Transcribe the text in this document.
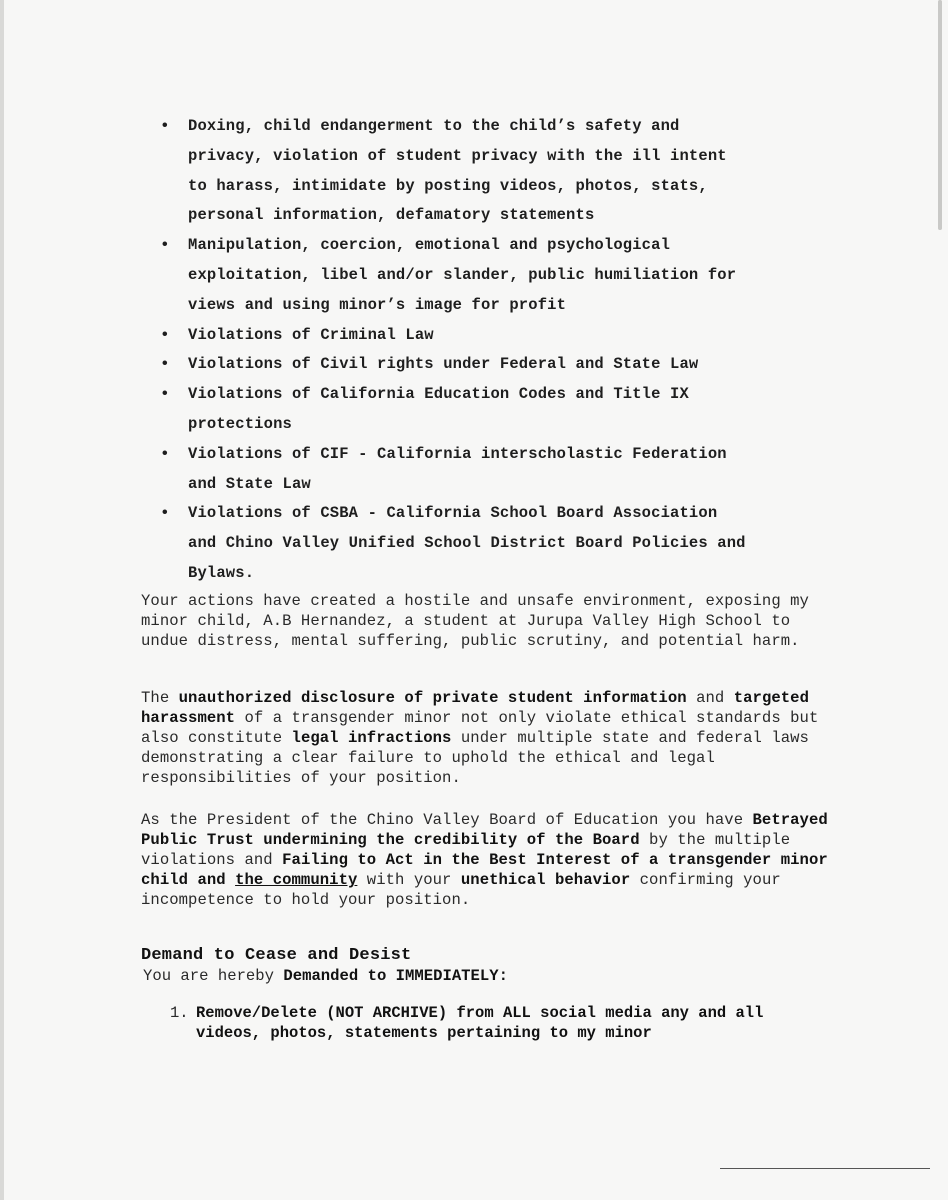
• Doxing, child endangerment to the child’s safety and
privacy, violation of student privacy with the ill intent
to harass, intimidate by posting videos, photos, stats,
personal information, defamatory statements
• Manipulation, coercion, emotional and psychological
exploitation, libel and/or slander, public humiliation for
views and using minor’s image for profit
• Violations of Criminal Law
• Violations of Civil rights under Federal and State Law
• Violations of California Education Codes and Title IX
protections
• Violations of CIF - California interscholastic Federation
and State Law
• Violations of CSBA - California School Board Association
and Chino Valley Unified School District Board Policies and
Bylaws.

Your actions have created a hostile and unsafe environment, exposing my minor child, A.B Hernandez, a student at Jurupa Valley High School to undue distress, mental suffering, public scrutiny, and potential harm.

The unauthorized disclosure of private student information and targeted harassment of a transgender minor not only violate ethical standards but also constitute legal infractions under multiple state and federal laws demonstrating a clear failure to uphold the ethical and legal responsibilities of your position.

As the President of the Chino Valley Board of Education you have Betrayed Public Trust undermining the credibility of the Board by the multiple violations and Failing to Act in the Best Interest of a transgender minor child and the community with your unethical behavior confirming your incompetence to hold your position.

Demand to Cease and Desist

You are hereby Demanded to IMMEDIATELY:

1. Remove/Delete (NOT ARCHIVE) from ALL social media any and all videos, photos, statements pertaining to my minor
